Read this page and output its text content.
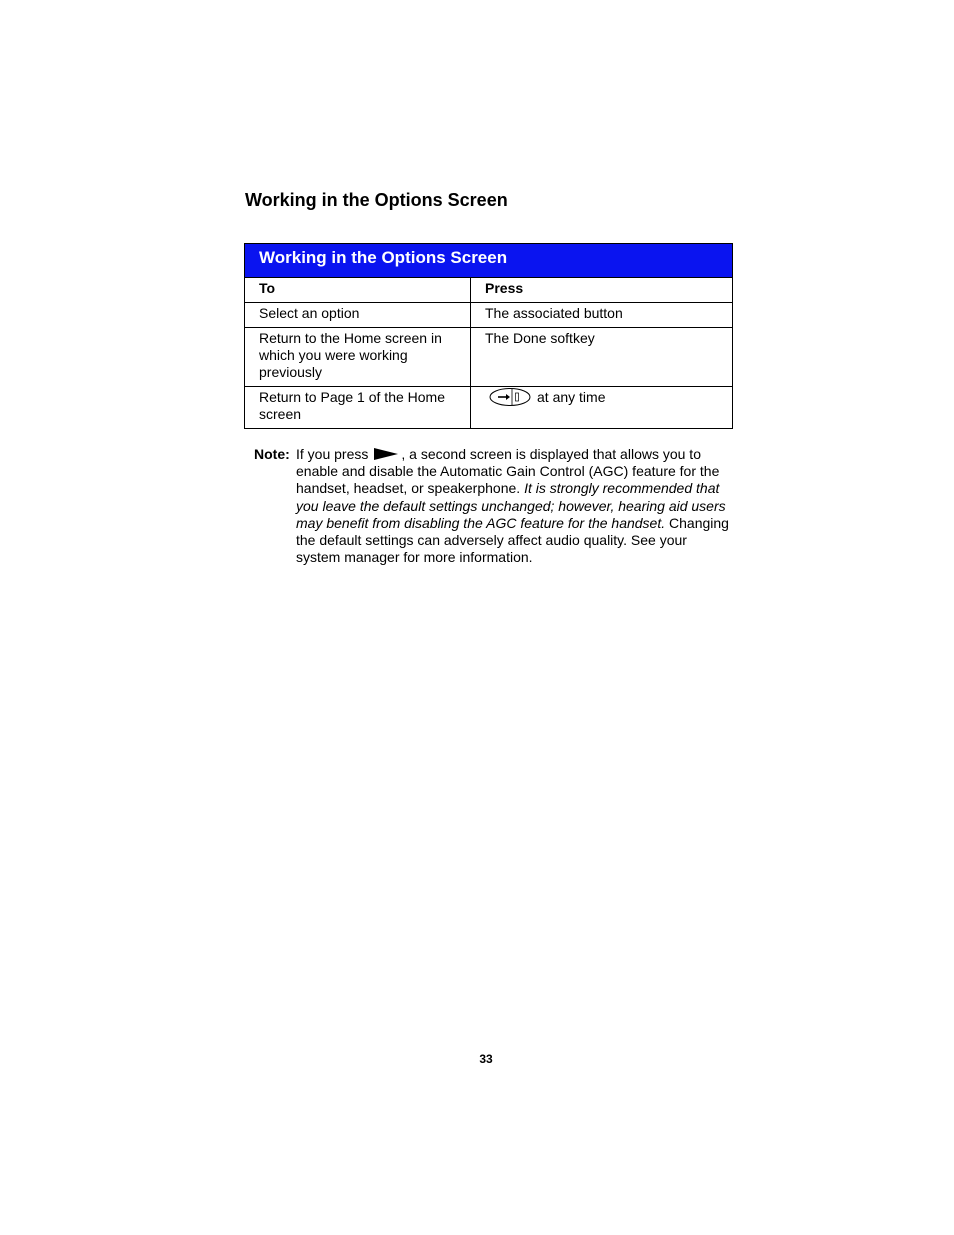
Working in the Options Screen
Working in the Options Screen	
To	Press
Select an option	The associated button
Return to the Home screen in which you were working previously	The Done softkey
Return to Page 1 of the Home screen	at any time
Note: If you press , a second screen is displayed that allows you to enable and disable the Automatic Gain Control (AGC) feature for the handset, headset, or speakerphone. It is strongly recommended that you leave the default settings unchanged; however, hearing aid users may benefit from disabling the AGC feature for the handset. Changing the default settings can adversely affect audio quality. See your system manager for more information.
33
